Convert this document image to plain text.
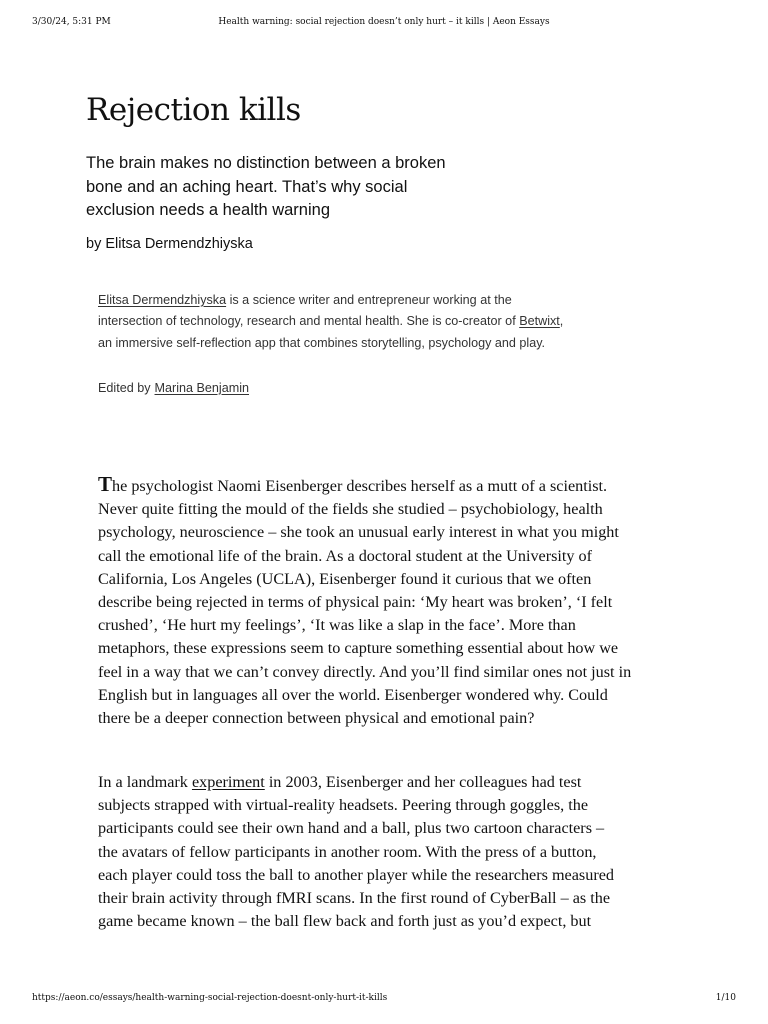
3/30/24, 5:31 PM	Health warning: social rejection doesn’t only hurt – it kills | Aeon Essays
Rejection kills

The brain makes no distinction between a broken
bone and an aching heart. That’s why social
exclusion needs a health warning

by Elitsa Dermendzhiyska

Elitsa Dermendzhiyska is a science writer and entrepreneur working at the
intersection of technology, research and mental health. She is co-creator of Betwixt,
an immersive self-reflection app that combines storytelling, psychology and play.

Edited by Marina Benjamin

The psychologist Naomi Eisenberger describes herself as a mutt of a scientist.
Never quite fitting the mould of the fields she studied – psychobiology, health
psychology, neuroscience – she took an unusual early interest in what you might
call the emotional life of the brain. As a doctoral student at the University of
California, Los Angeles (UCLA), Eisenberger found it curious that we often
describe being rejected in terms of physical pain: ‘My heart was broken’, ‘I felt
crushed’, ‘He hurt my feelings’, ‘It was like a slap in the face’. More than
metaphors, these expressions seem to capture something essential about how we
feel in a way that we can’t convey directly. And you’ll find similar ones not just in
English but in languages all over the world. Eisenberger wondered why. Could
there be a deeper connection between physical and emotional pain?

In a landmark experiment in 2003, Eisenberger and her colleagues had test
subjects strapped with virtual-reality headsets. Peering through goggles, the
participants could see their own hand and a ball, plus two cartoon characters –
the avatars of fellow participants in another room. With the press of a button,
each player could toss the ball to another player while the researchers measured
their brain activity through fMRI scans. In the first round of CyberBall – as the
game became known – the ball flew back and forth just as you’d expect, but

https://aeon.co/essays/health-warning-social-rejection-doesnt-only-hurt-it-kills	1/10
